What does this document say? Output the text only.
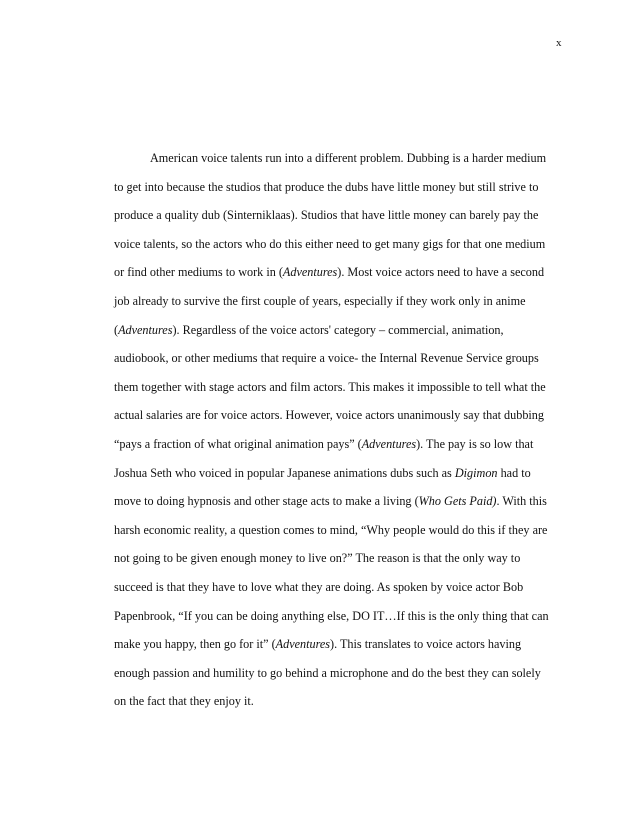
x
American voice talents run into a different problem. Dubbing is a harder medium
to get into because the studios that produce the dubs have little money but still strive to
produce a quality dub (Sinterniklaas). Studios that have little money can barely pay the
voice talents, so the actors who do this either need to get many gigs for that one medium
or find other mediums to work in (Adventures). Most voice actors need to have a second
job already to survive the first couple of years, especially if they work only in anime
(Adventures). Regardless of the voice actors' category – commercial, animation,
audiobook, or other mediums that require a voice- the Internal Revenue Service groups
them together with stage actors and film actors. This makes it impossible to tell what the
actual salaries are for voice actors. However, voice actors unanimously say that dubbing
“pays a fraction of what original animation pays” (Adventures). The pay is so low that
Joshua Seth who voiced in popular Japanese animations dubs such as Digimon had to
move to doing hypnosis and other stage acts to make a living (Who Gets Paid). With this
harsh economic reality, a question comes to mind, “Why people would do this if they are
not going to be given enough money to live on?” The reason is that the only way to
succeed is that they have to love what they are doing. As spoken by voice actor Bob
Papenbrook, “If you can be doing anything else, DO IT…If this is the only thing that can
make you happy, then go for it” (Adventures). This translates to voice actors having
enough passion and humility to go behind a microphone and do the best they can solely
on the fact that they enjoy it.
